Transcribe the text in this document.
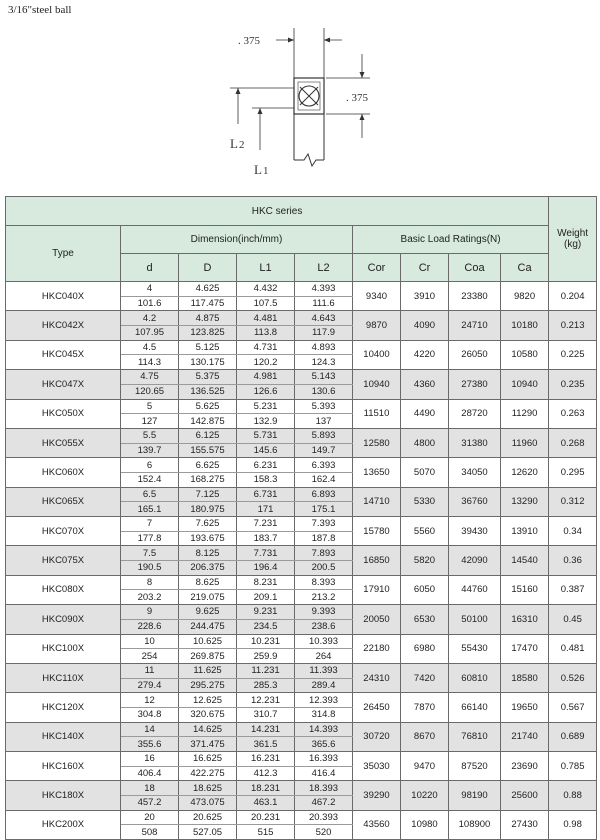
3/16"steel ball
. 375
. 375
L2
L1
HKC series									Weight
(kg)
Type	Dimension(inch/mm)				Basic Load Ratings(N)				
	d	D	L1	L2	Cor	Cr	Coa	Ca	
HKC040X	4	4.625	4.432	4.393	9340	3910	23380	9820	0.204
	101.6	117.475	107.5	111.6					
HKC042X	4.2	4.875	4.481	4.643	9870	4090	24710	10180	0.213
	107.95	123.825	113.8	117.9					
HKC045X	4.5	5.125	4.731	4.893	10400	4220	26050	10580	0.225
	114.3	130.175	120.2	124.3					
HKC047X	4.75	5.375	4.981	5.143	10940	4360	27380	10940	0.235
	120.65	136.525	126.6	130.6					
HKC050X	5	5.625	5.231	5.393	11510	4490	28720	11290	0.263
	127	142.875	132.9	137					
HKC055X	5.5	6.125	5.731	5.893	12580	4800	31380	11960	0.268
	139.7	155.575	145.6	149.7					
HKC060X	6	6.625	6.231	6.393	13650	5070	34050	12620	0.295
	152.4	168.275	158.3	162.4					
HKC065X	6.5	7.125	6.731	6.893	14710	5330	36760	13290	0.312
	165.1	180.975	171	175.1					
HKC070X	7	7.625	7.231	7.393	15780	5560	39430	13910	0.34
	177.8	193.675	183.7	187.8					
HKC075X	7.5	8.125	7.731	7.893	16850	5820	42090	14540	0.36
	190.5	206.375	196.4	200.5					
HKC080X	8	8.625	8.231	8.393	17910	6050	44760	15160	0.387
	203.2	219.075	209.1	213.2					
HKC090X	9	9.625	9.231	9.393	20050	6530	50100	16310	0.45
	228.6	244.475	234.5	238.6					
HKC100X	10	10.625	10.231	10.393	22180	6980	55430	17470	0.481
	254	269.875	259.9	264					
HKC110X	11	11.625	11.231	11.393	24310	7420	60810	18580	0.526
	279.4	295.275	285.3	289.4					
HKC120X	12	12.625	12.231	12.393	26450	7870	66140	19650	0.567
	304.8	320.675	310.7	314.8					
HKC140X	14	14.625	14.231	14.393	30720	8670	76810	21740	0.689
	355.6	371.475	361.5	365.6					
HKC160X	16	16.625	16.231	16.393	35030	9470	87520	23690	0.785
	406.4	422.275	412.3	416.4					
HKC180X	18	18.625	18.231	18.393	39290	10220	98190	25600	0.88
	457.2	473.075	463.1	467.2					
HKC200X	20	20.625	20.231	20.393	43560	10980	108900	27430	0.98
	508	527.05	515	520					
